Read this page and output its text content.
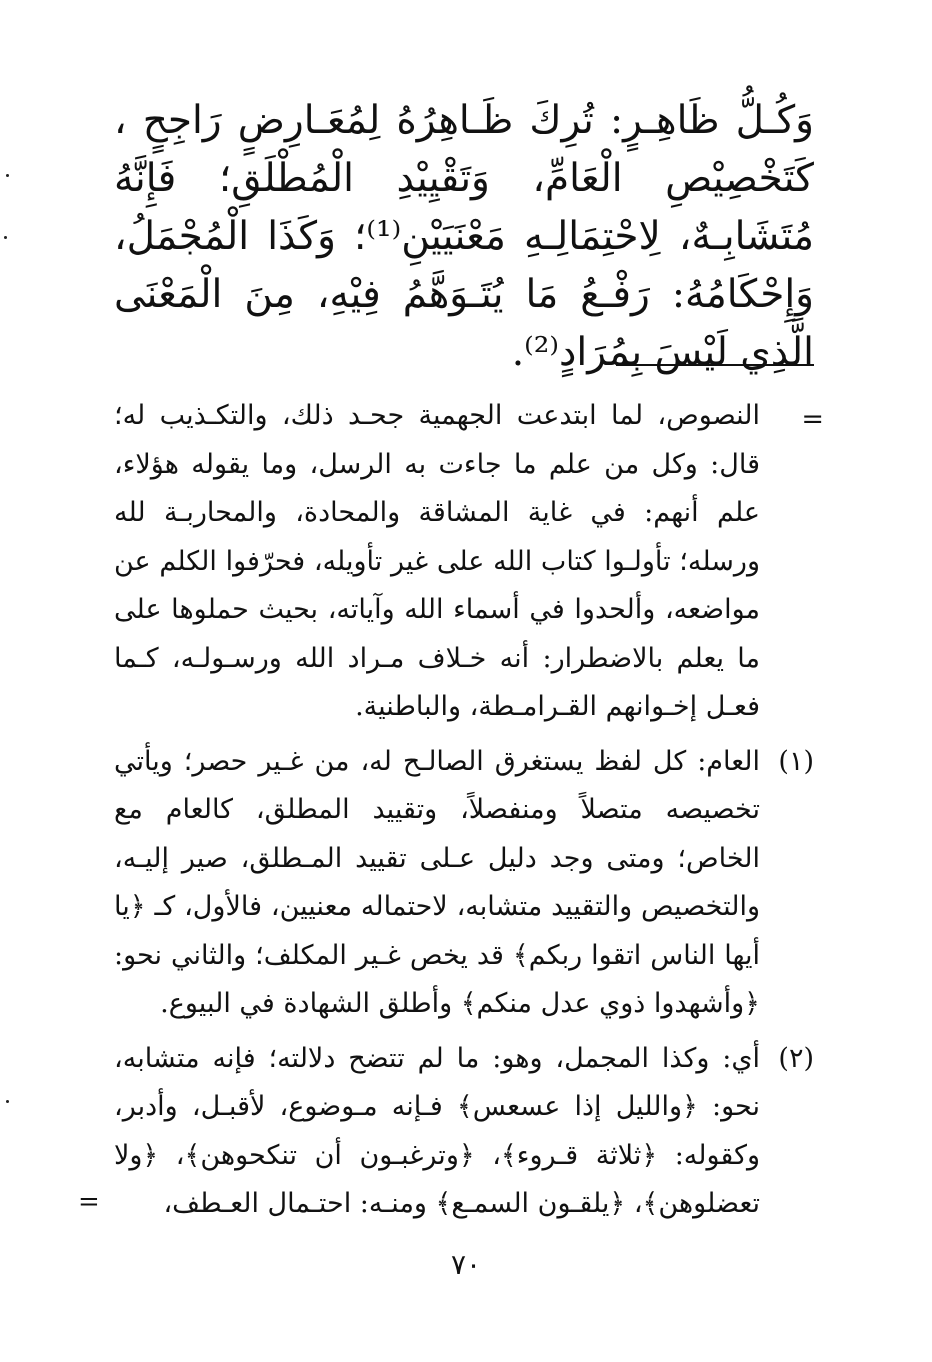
وَكُـلُّ ظَاهِـرٍ: تُرِكَ ظَـاهِرُهُ لِمُعَـارِضٍ رَاجِحٍ ، كَتَخْصِيْصِ الْعَامِّ، وَتَقْيِيْدِ الْمُطْلَقِ؛ فَإِنَّهُ مُتَشَابِـهٌ، لِاحْتِمَالِـهِ مَعْنَيَيْنِ⁽¹⁾؛ وَكَذَا الْمُجْمَلُ، وَإِحْكَامُهُ: رَفْـعُ مَا يُتَـوَهَّمُ فِيْهِ، مِنَ الْمَعْنَى الَّذِي لَيْسَ بِمُرَادٍ⁽²⁾.

=
النصوص، لما ابتدعت الجهمية جحـد ذلك، والتكـذيب له؛ قال: وكل من علم ما جاءت به الرسل، وما يقوله هؤلاء، علم أنهم: في غاية المشاقة والمحادة، والمحاربـة لله ورسله؛ تأولـوا كتاب الله على غير تأويله، فحرّفوا الكلم عن مواضعه، وألحدوا في أسماء الله وآياته، بحيث حملوها على ما يعلم بالاضطرار: أنه خـلاف مـراد الله ورسـولـه، كـما فعـل إخـوانهم القـرامـطة، والباطنية.
(١)
العام: كل لفظ يستغرق الصالـح له، من غـير حصر؛ ويأتي تخصيصه متصلاً ومنفصلاً، وتقييد المطلق، كالعام مع الخاص؛ ومتى وجد دليل عـلى تقييد المـطلق، صير إليـه، والتخصيص والتقييد متشابه، لاحتماله معنيين، فالأول، كـ ﴿يا أيها الناس اتقوا ربكم﴾ قد يخص غـير المكلف؛ والثاني نحو: ﴿وأشهدوا ذوي عدل منكم﴾ وأطلق الشهادة في البيوع.
(٢)
أي: وكذا المجمل، وهو: ما لم تتضح دلالته؛ فإنه متشابه، نحو: ﴿والليل إذا عسعس﴾ فـإنه مـوضوع، لأقبـل، وأدبر، وكقوله: ﴿ثلاثة قـروء﴾، ﴿وترغبـون أن تنكحوهن﴾، ﴿ولا تعضلوهن﴾، ﴿يلقـون السمـع﴾ ومنـه: احتـمال العـطف،
=
٧٠
